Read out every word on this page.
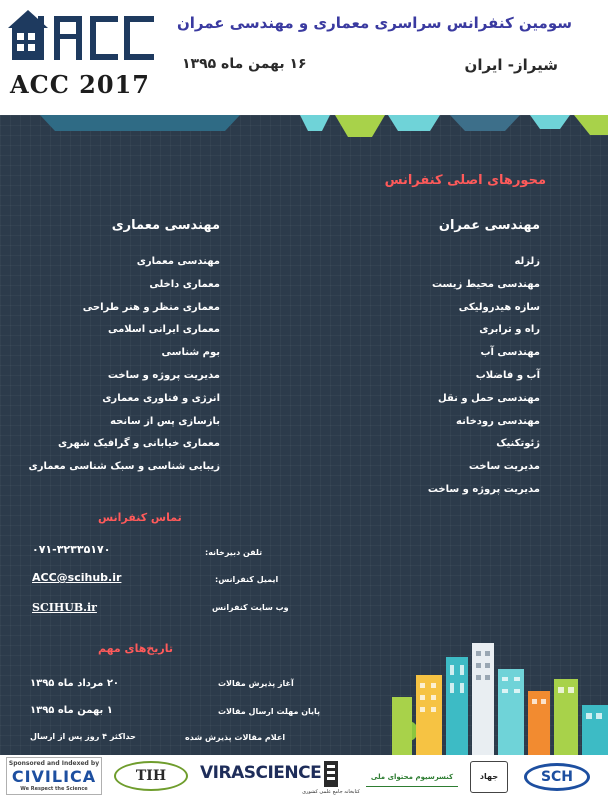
ACC 2017
سومین کنفرانس سراسری معماری و مهندسی عمران
شیراز- ایران
۱۶ بهمن ماه ۱۳۹۵
محورهای اصلی کنفرانس
مهندسی عمران
زلزله
مهندسی محیط زیست
سازه هیدرولیکی
راه و ترابری
مهندسی آب
آب و فاضلاب
مهندسی حمل و نقل
مهندسی رودخانه
ژئوتکنیک
مدیریت ساخت
مدیریت پروژه و ساخت
مهندسی معماری
مهندسی معماری
معماری داخلی
معماری منظر و هنر طراحی
معماری ایرانی اسلامی
بوم شناسی
مدیریت پروژه و ساخت
انرژی و فناوری معماری
بازسازی پس از سانحه
معماری خیابانی و گرافیک شهری
زیبایی شناسی و سبک شناسی معماری
تماس کنفرانس
تلفن دبیرخانه:
۰۷۱-۳۲۳۳۵۱۷۰
ایمیل کنفرانس:
ACC@scihub.ir
وب سایت کنفرانس
SCIHUB.ir
تاریخ‌های مهم
آغاز پذیرش مقالات
۲۰ مرداد ماه ۱۳۹۵
پایان مهلت ارسال مقالات
۱ بهمن ماه ۱۳۹۵
اعلام مقالات پذیرش شده
حداکثر ۴ روز پس از ارسال
Sponsored and Indexed by
CIVILICA
We Respect the Science
TIH	VIRASCIENCE
کتابخانه جامع علمی کشوری
کنسرسیوم محتوای ملی	جهاد	SCH
